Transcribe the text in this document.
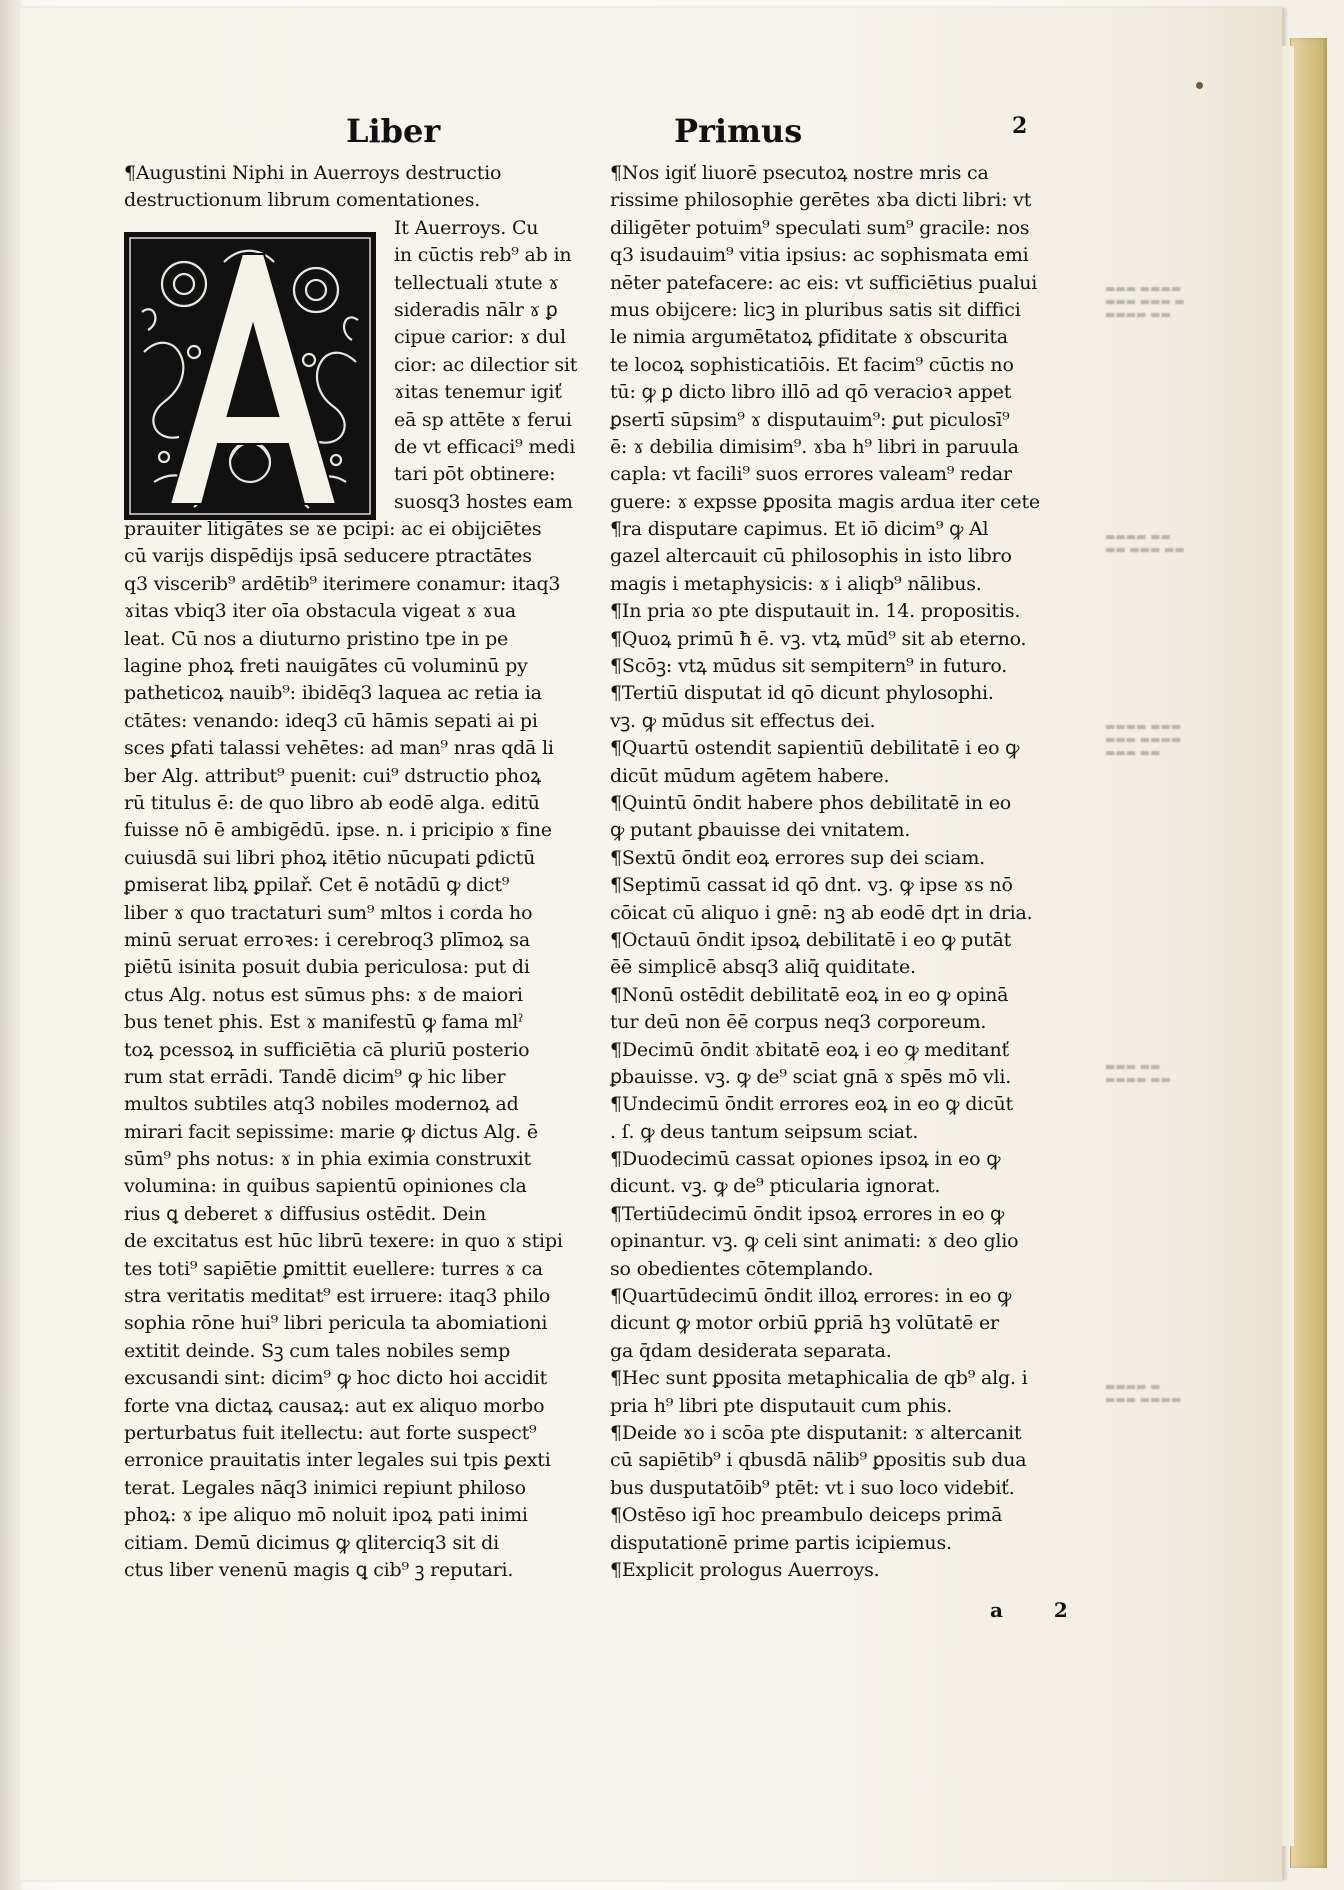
▬▬▬ ▬▬▬▬
▬▬▬ ▬▬▬ ▬
▬▬▬▬ ▬▬
▬▬▬▬ ▬▬
▬▬ ▬▬▬ ▬▬
▬▬▬▬ ▬▬▬
▬▬▬ ▬▬▬▬
▬▬▬ ▬▬
▬▬▬ ▬▬
▬▬▬▬ ▬▬
▬▬▬▬ ▬
▬▬▬ ▬▬▬▬
Liber	Primus	2
¶Augustini Niphi in Auerroys destructio
destructionum librum comentationes.
It Auerroys. Cu
in cūctis reb⁹ ab in
tellectuali ɤtute ɤ
sideradis nālr ɤ ꝑ
cipue carior: ɤ dul
cior: ac dilectior sit
ɤitas tenemur igiť
eā sp attēte ɤ ferui
de vt efficaci⁹ medi
tari pōt obtinere:
suosq3 hostes eam
prauiter litigātes se ɤe pcipi: ac ei obijciētes
cū varijs dispēdijs ipsā seducere ptractātes
q3 viscerib⁹ ardētib⁹ iterimere conamur: itaq3
ɤitas vbiq3 iter oīa obstacula vigeat ɤ ɤua
leat. Cū nos a diuturno pristino tpe in pe
lagine phoꝝ freti nauigātes cū voluminū py
patheticoꝝ nauib⁹: ibidēq3 laquea ac retia ia
ctātes: venando: ideq3 cū hāmis sepati ai pi
sces ꝑfati talassi vehētes: ad man⁹ nras qdā li
ber Alg. attribut⁹ puenit: cui⁹ dstructio phoꝝ
rū titulus ē: de quo libro ab eodē alga. editū
fuisse nō ē ambigēdū. ipse. n. i pricipio ɤ fine
cuiusdā sui libri phoꝝ itētio nūcupati ꝑdictū
ꝑmiserat libꝝ ꝑpilař. Cet ē notādū ꝙ dict⁹
liber ɤ quo tractaturi sum⁹ mltos i corda ho
minū seruat erroꝛes: i cerebroq3 plīmoꝝ sa
piētū isinita posuit dubia periculosa: put di
ctus Alg. notus est sūmus phs: ɤ de maiori
bus tenet phis. Est ɤ manifestū ꝙ fama mlˀ
toꝝ pcessoꝝ in sufficiētia cā pluriū posterio
rum stat errādi. Tandē dicim⁹ ꝙ hic liber
multos subtiles atq3 nobiles modernoꝝ ad
mirari facit sepissime: marie ꝙ dictus Alg. ē
sūm⁹ phs notus: ɤ in phia eximia construxit
volumina: in quibus sapientū opiniones cla
rius ꝗ deberet ɤ diffusius ostēdit. Dein
de excitatus est hūc librū texere: in quo ɤ stipi
tes toti⁹ sapiētie ꝑmittit euellere: turres ɤ ca
stra veritatis meditat⁹ est irruere: itaq3 philo
sophia rōne hui⁹ libri pericula ta abomiationi
extitit deinde. Sꝫ cum tales nobiles semp
excusandi sint: dicim⁹ ꝙ hoc dicto hoi accidit
forte vna dictaꝝ causaꝝ: aut ex aliquo morbo
perturbatus fuit itellectu: aut forte suspect⁹
erronice prauitatis inter legales sui tpis ꝑexti
terat. Legales nāq3 inimici repiunt philoso
phoꝝ: ɤ ipe aliquo mō noluit ipoꝝ pati inimi
citiam. Demū dicimus ꝙ qliterciq3 sit di
ctus liber venenū magis ꝗ cib⁹ ꝫ reputari.
¶Nos igiť liuorē psecutoꝝ nostre mris ca
rissime philosophie gerētes ɤba dicti libri: vt
diligēter potuim⁹ speculati sum⁹ gracile: nos
q3 isudauim⁹ vitia ipsius: ac sophismata emi
nēter patefacere: ac eis: vt sufficiētius pualui
mus obijcere: licꝫ in pluribus satis sit diffici
le nimia argumētatoꝝ ꝑfiditate ɤ obscurita
te locoꝝ sophisticatiōis. Et facim⁹ cūctis no
tū: ꝙ ꝑ dicto libro illō ad qō veracioꝛ appet
ꝑsertī sūpsim⁹ ɤ disputauim⁹: ꝑut piculosī⁹
ē: ɤ debilia dimisim⁹. ɤba h⁹ libri in paruula
capla: vt facili⁹ suos errores valeam⁹ redar
guere: ɤ expsse ꝑposita magis ardua iter cete
¶ra disputare capimus. Et iō dicim⁹ ꝙ Al
gazel altercauit cū philosophis in isto libro
magis i metaphysicis: ɤ i aliqb⁹ nālibus.
¶In pria ɤo pte disputauit in. 14. propositis.
¶Quoꝝ primū ħ ē. vꝫ. vtꝝ mūd⁹ sit ab eterno.
¶Scōꝫ: vtꝝ mūdus sit sempitern⁹ in futuro.
¶Tertiū disputat id qō dicunt phylosophi.
vꝫ. ꝙ mūdus sit effectus dei.
¶Quartū ostendit sapientiū debilitatē i eo ꝙ
dicūt mūdum agētem habere.
¶Quintū ōndit habere phos debilitatē in eo
ꝙ putant ꝑbauisse dei vnitatem.
¶Sextū ōndit eoꝝ errores sup dei sciam.
¶Septimū cassat id qō dnt. vꝫ. ꝙ ipse ɤs nō
cōicat cū aliquo i gnē: nꝫ ab eodē dꝼt in dria.
¶Octauū ōndit ipsoꝝ debilitatē i eo ꝙ putāt
ēē simplicē absq3 aliq̄ quiditate.
¶Nonū ostēdit debilitatē eoꝝ in eo ꝙ opinā
tur deū non ēē corpus neq3 corporeum.
¶Decimū ōndit ɤbitatē eoꝝ i eo ꝙ meditanť
ꝑbauisse. vꝫ. ꝙ de⁹ sciat gnā ɤ spēs mō vli.
¶Undecimū ōndit errores eoꝝ in eo ꝙ dicūt
. ſ. ꝙ deus tantum seipsum sciat.
¶Duodecimū cassat opiones ipsoꝝ in eo ꝙ
dicunt. vꝫ. ꝙ de⁹ pticularia ignorat.
¶Tertiūdecimū ōndit ipsoꝝ errores in eo ꝙ
opinantur. vꝫ. ꝙ celi sint animati: ɤ deo glio
so obedientes cōtemplando.
¶Quartūdecimū ōndit illoꝝ errores: in eo ꝙ
dicunt ꝙ motor orbiū ꝑpriā hꝫ volūtatē er
ga q̄dam desiderata separata.
¶Hec sunt ꝑposita metaphicalia de qb⁹ alg. i
pria h⁹ libri pte disputauit cum phis.
¶Deide ɤo i scōa pte disputanit: ɤ altercanit
cū sapiētib⁹ i qbusdā nālib⁹ ꝑpositis sub dua
bus dusputatōib⁹ ptēt: vt i suo loco videbiť.
¶Ostēso igī hoc preambulo deiceps primā
disputationē prime partis icipiemus.
¶Explicit prologus Auerroys.
a 2
